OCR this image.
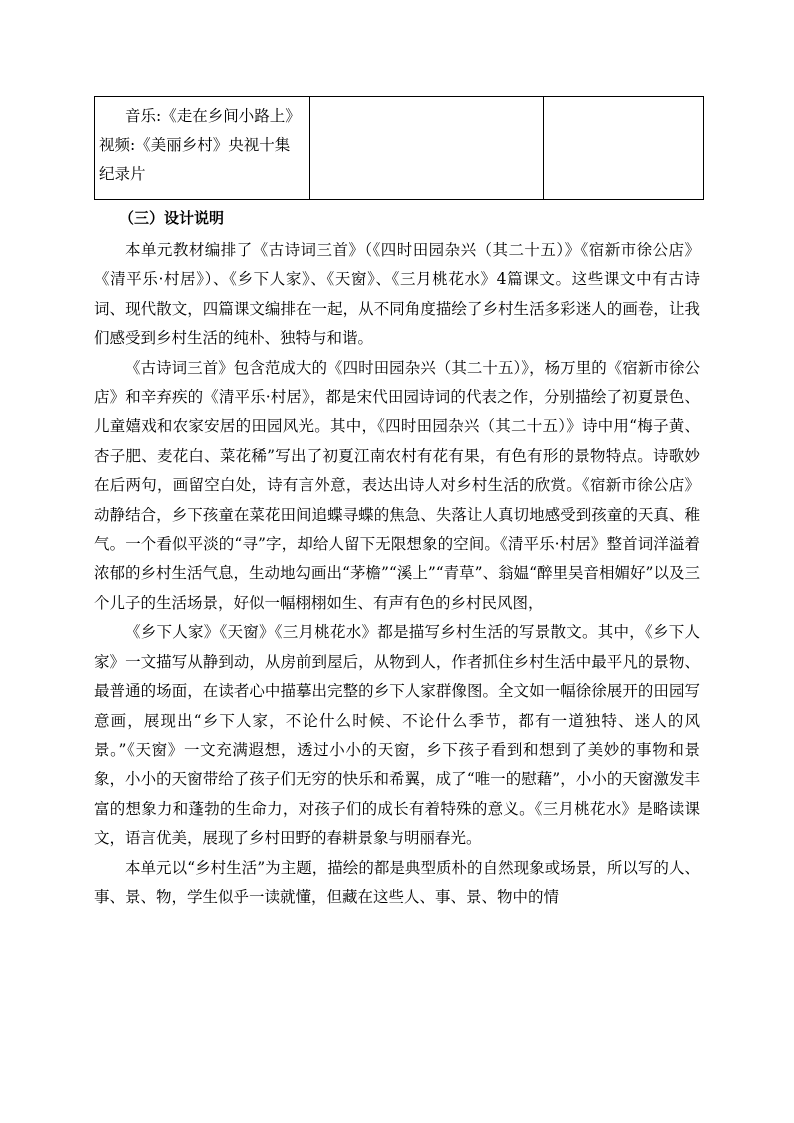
音乐:《走在乡间小路上》
视频:《美丽乡村》央视十集
纪录片

（三）设计说明

本单元教材编排了《古诗词三首》（《四时田园杂兴（其二十五）》《宿新市徐公店》《清平乐·村居》）、《乡下人家》、《天窗》、《三月桃花水》4篇课文。这些课文中有古诗词、现代散文，四篇课文编排在一起，从不同角度描绘了乡村生活多彩迷人的画卷，让我们感受到乡村生活的纯朴、独特与和谐。

《古诗词三首》包含范成大的《四时田园杂兴（其二十五）》，杨万里的《宿新市徐公店》和辛弃疾的《清平乐·村居》，都是宋代田园诗词的代表之作，分别描绘了初夏景色、儿童嬉戏和农家安居的田园风光。其中，《四时田园杂兴（其二十五）》诗中用“梅子黄、杏子肥、麦花白、菜花稀”写出了初夏江南农村有花有果，有色有形的景物特点。诗歌妙在后两句，画留空白处，诗有言外意，表达出诗人对乡村生活的欣赏。《宿新市徐公店》动静结合，乡下孩童在菜花田间追蝶寻蝶的焦急、失落让人真切地感受到孩童的天真、稚气。一个看似平淡的“寻”字，却给人留下无限想象的空间。《清平乐·村居》整首词洋溢着浓郁的乡村生活气息，生动地勾画出“茅檐”“溪上”“青草”、翁媪“醉里吴音相媚好”以及三个儿子的生活场景，好似一幅栩栩如生、有声有色的乡村民风图，

《乡下人家》《天窗》《三月桃花水》都是描写乡村生活的写景散文。其中，《乡下人家》一文描写从静到动，从房前到屋后，从物到人，作者抓住乡村生活中最平凡的景物、最普通的场面，在读者心中描摹出完整的乡下人家群像图。全文如一幅徐徐展开的田园写意画，展现出“乡下人家，不论什么时候、不论什么季节，都有一道独特、迷人的风景。”《天窗》一文充满遐想，透过小小的天窗，乡下孩子看到和想到了美妙的事物和景象，小小的天窗带给了孩子们无穷的快乐和希翼，成了“唯一的慰藉”，小小的天窗激发丰富的想象力和蓬勃的生命力，对孩子们的成长有着特殊的意义。《三月桃花水》是略读课文，语言优美，展现了乡村田野的春耕景象与明丽春光。

本单元以“乡村生活”为主题，描绘的都是典型质朴的自然现象或场景，所以写的人、事、景、物，学生似乎一读就懂，但藏在这些人、事、景、物中的情
